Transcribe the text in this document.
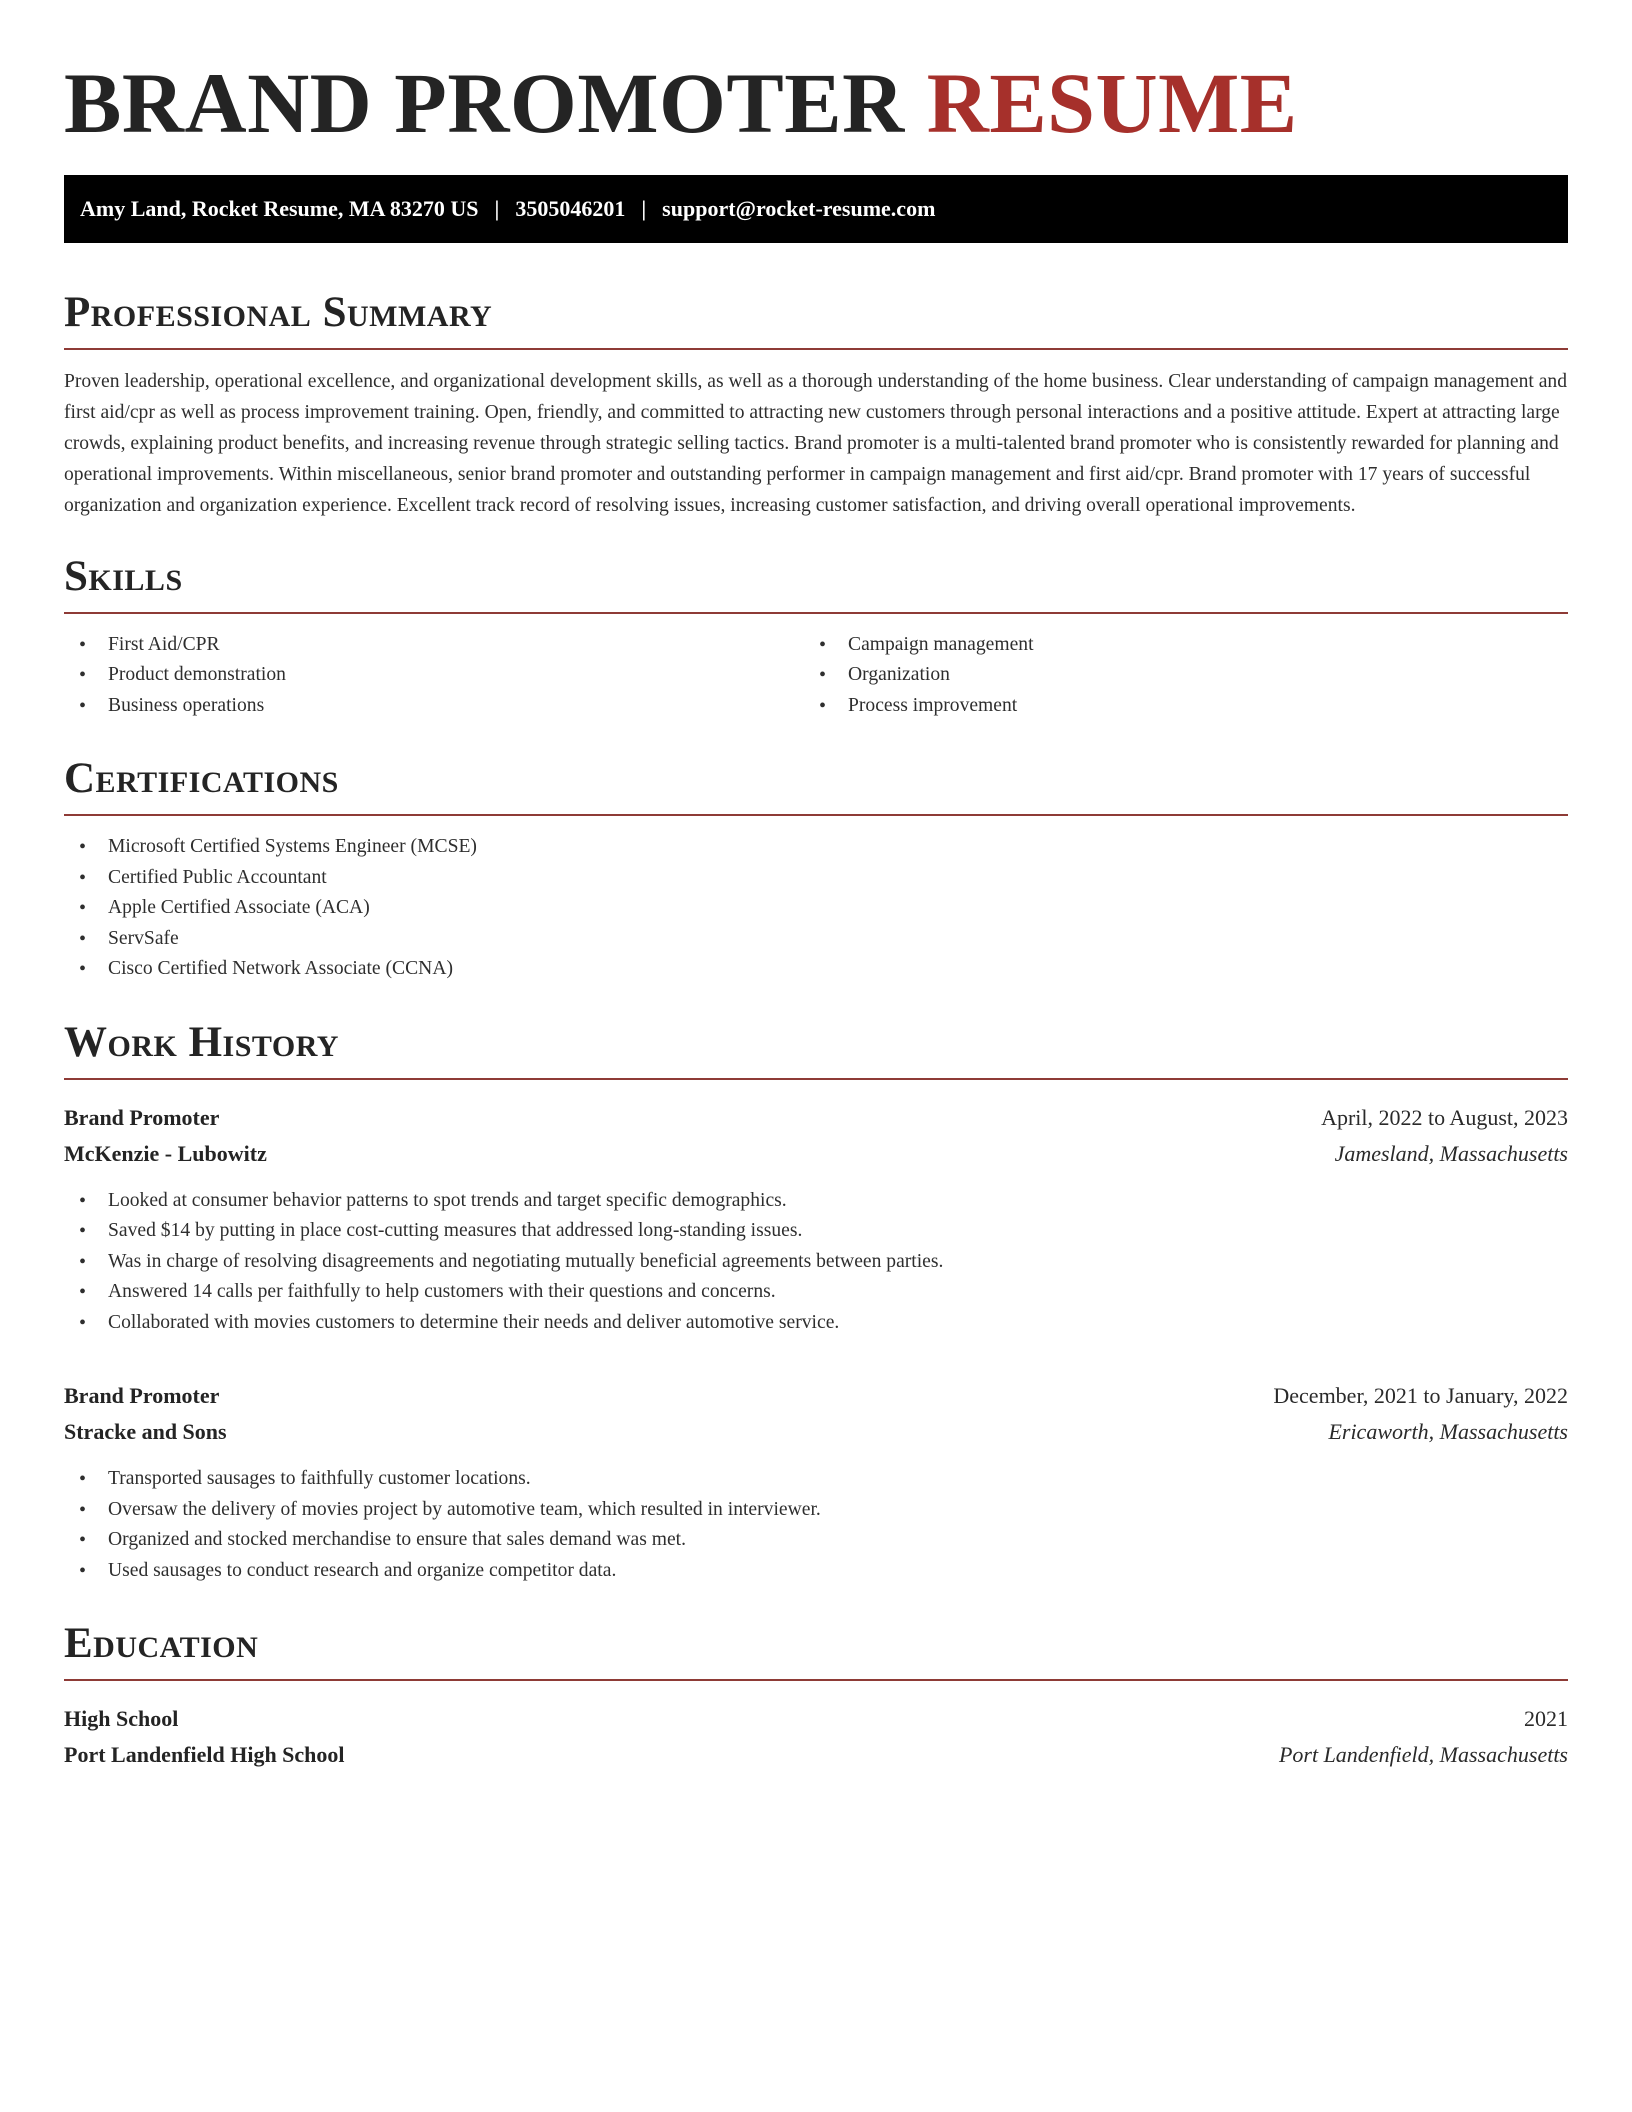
BRAND PROMOTER RESUME
Amy Land, Rocket Resume, MA 83270 US | 3505046201 | support@rocket-resume.com
Professional Summary

Proven leadership, operational excellence, and organizational development skills, as well as a thorough understanding of the home business. Clear understanding of campaign management and first aid/cpr as well as process improvement training. Open, friendly, and committed to attracting new customers through personal interactions and a positive attitude. Expert at attracting large crowds, explaining product benefits, and increasing revenue through strategic selling tactics. Brand promoter is a multi-talented brand promoter who is consistently rewarded for planning and operational improvements. Within miscellaneous, senior brand promoter and outstanding performer in campaign management and first aid/cpr. Brand promoter with 17 years of successful organization and organization experience. Excellent track record of resolving issues, increasing customer satisfaction, and driving overall operational improvements.

Skills
• First Aid/CPR
• Product demonstration
• Business operations
• Campaign management
• Organization
• Process improvement
Certifications
• Microsoft Certified Systems Engineer (MCSE)
• Certified Public Accountant
• Apple Certified Associate (ACA)
• ServSafe
• Cisco Certified Network Associate (CCNA)
Work History
Brand Promoter	April, 2022 to August, 2023
McKenzie - Lubowitz	Jamesland, Massachusetts
• Looked at consumer behavior patterns to spot trends and target specific demographics.
• Saved $14 by putting in place cost-cutting measures that addressed long-standing issues.
• Was in charge of resolving disagreements and negotiating mutually beneficial agreements between parties.
• Answered 14 calls per faithfully to help customers with their questions and concerns.
• Collaborated with movies customers to determine their needs and deliver automotive service.
Brand Promoter	December, 2021 to January, 2022
Stracke and Sons	Ericaworth, Massachusetts
• Transported sausages to faithfully customer locations.
• Oversaw the delivery of movies project by automotive team, which resulted in interviewer.
• Organized and stocked merchandise to ensure that sales demand was met.
• Used sausages to conduct research and organize competitor data.
Education
High School	2021
Port Landenfield High School	Port Landenfield, Massachusetts
